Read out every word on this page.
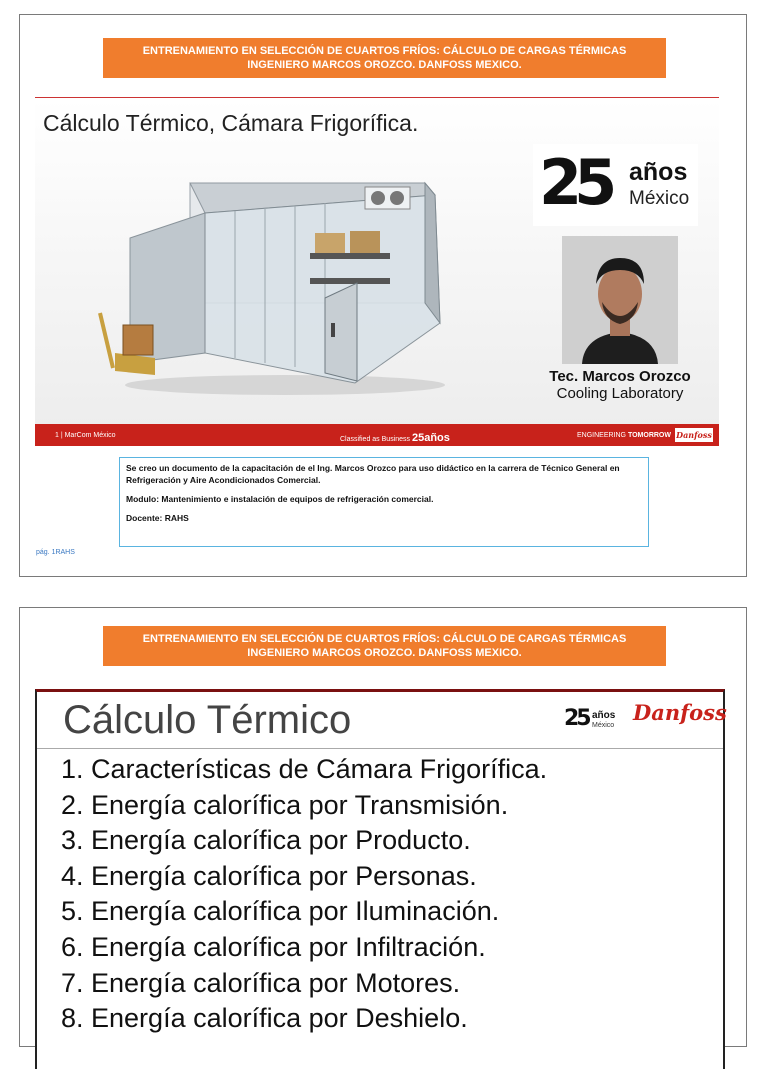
ENTRENAMIENTO EN SELECCIÓN DE CUARTOS FRÍOS: CÁLCULO DE CARGAS TÉRMICAS
INGENIERO MARCOS OROZCO. DANFOSS MEXICO.
Cálculo Térmico, Cámara Frigorífica.
25 años
México
Tec. Marcos Orozco
Cooling Laboratory
1 | MarCom México
Classified as Business 25años	ENGINEERING TOMORROW Danfoss

Se creo un documento de la capacitación de el Ing. Marcos Orozco para uso didáctico en la carrera de Técnico General en Refrigeración y Aire Acondicionados Comercial.

Modulo: Mantenimiento e instalación de equipos de refrigeración comercial.

Docente: RAHS

pág. 1RAHS
ENTRENAMIENTO EN SELECCIÓN DE CUARTOS FRÍOS: CÁLCULO DE CARGAS TÉRMICAS
INGENIERO MARCOS OROZCO. DANFOSS MEXICO.
Cálculo Térmico	25 años
México
Danfoss
1. Características de Cámara Frigorífica.
2. Energía calorífica por Transmisión.
3. Energía calorífica por Producto.
4. Energía calorífica por Personas.
5. Energía calorífica por Iluminación.
6. Energía calorífica por Infiltración.
7. Energía calorífica por Motores.
8. Energía calorífica por Deshielo.
